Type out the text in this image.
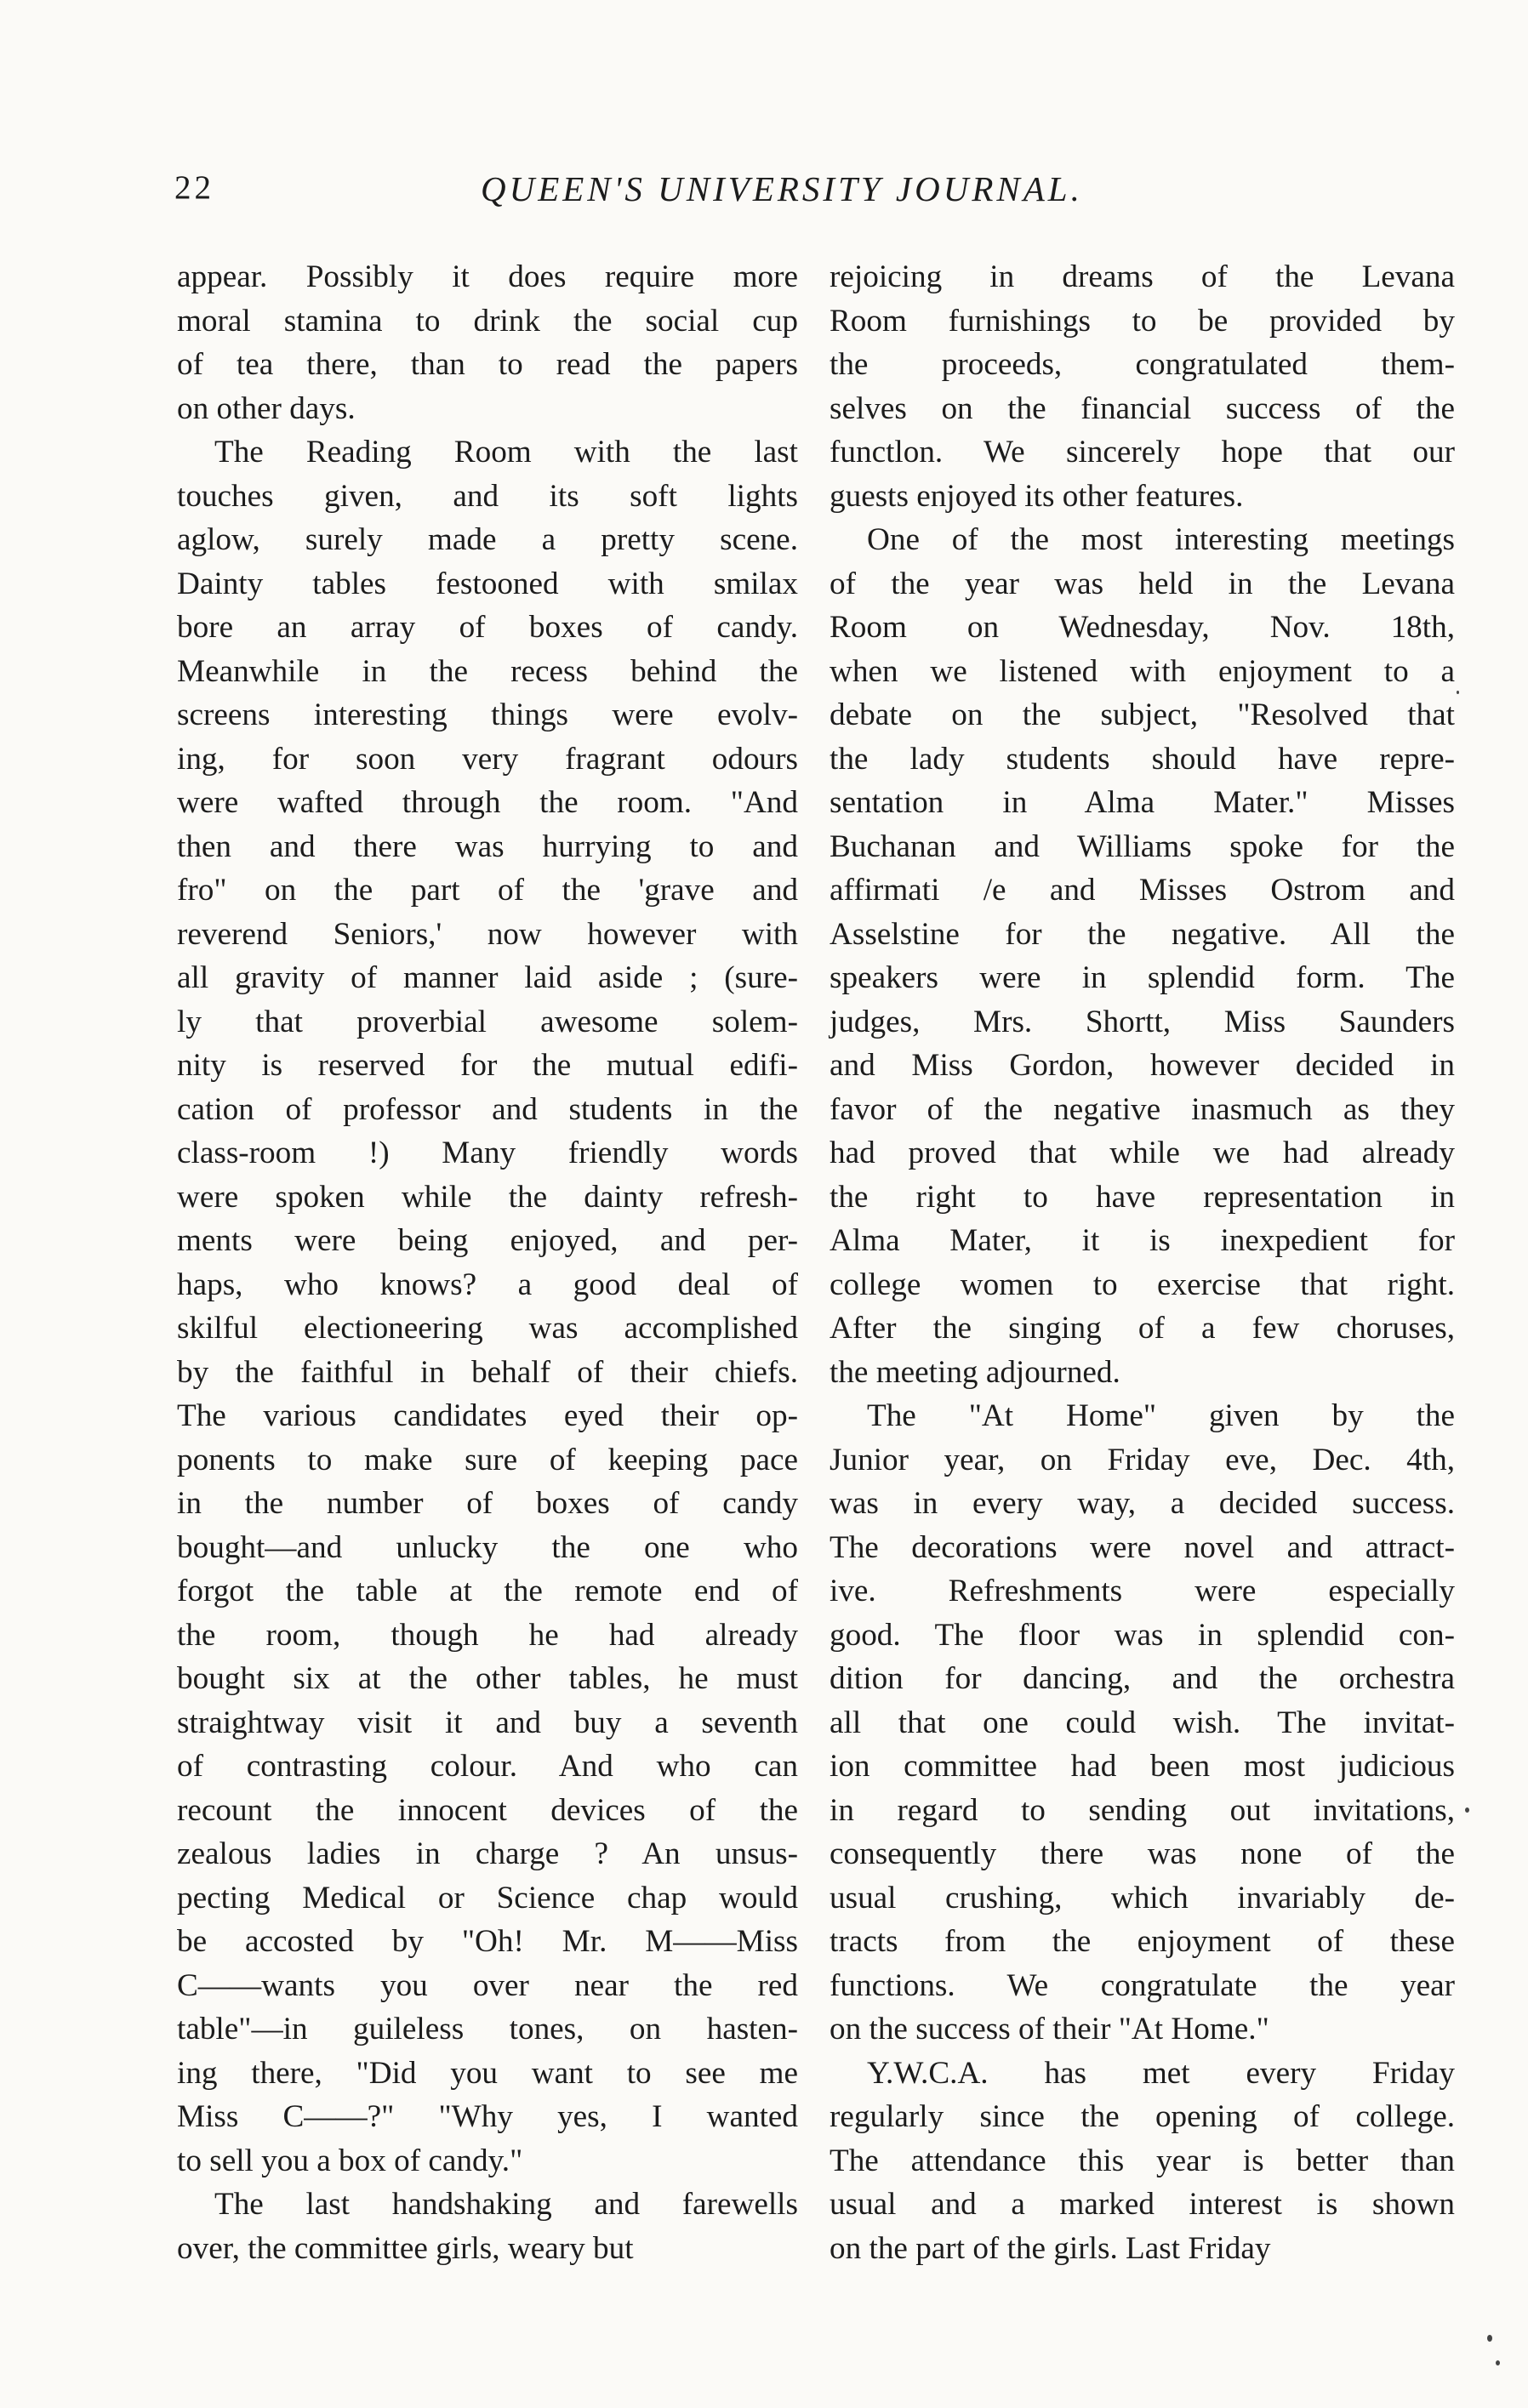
22	QUEEN'S UNIVERSITY JOURNAL.
appear. Possibly it does require more
moral stamina to drink the social cup
of tea there, than to read the papers
on other days.
The Reading Room with the last
touches given, and its soft lights
aglow, surely made a pretty scene.
Dainty tables festooned with smilax
bore an array of boxes of candy.
Meanwhile in the recess behind the
screens interesting things were evolv-
ing, for soon very fragrant odours
were wafted through the room. "And
then and there was hurrying to and
fro" on the part of the 'grave and
reverend Seniors,' now however with
all gravity of manner laid aside ; (sure-
ly that proverbial awesome solem-
nity is reserved for the mutual edifi-
cation of professor and students in the
class-room !) Many friendly words
were spoken while the dainty refresh-
ments were being enjoyed, and per-
haps, who knows? a good deal of
skilful electioneering was accomplished
by the faithful in behalf of their chiefs.
The various candidates eyed their op-
ponents to make sure of keeping pace
in the number of boxes of candy
bought—and unlucky the one who
forgot the table at the remote end of
the room, though he had already
bought six at the other tables, he must
straightway visit it and buy a seventh
of contrasting colour. And who can
recount the innocent devices of the
zealous ladies in charge ? An unsus-
pecting Medical or Science chap would
be accosted by "Oh! Mr. M——Miss
C——wants you over near the red
table"—in guileless tones, on hasten-
ing there, "Did you want to see me
Miss C——?" "Why yes, I wanted
to sell you a box of candy."
The last handshaking and farewells
over, the committee girls, weary but
rejoicing in dreams of the Levana
Room furnishings to be provided by
the proceeds, congratulated them-
selves on the financial success of the
functlon. We sincerely hope that our
guests enjoyed its other features.
One of the most interesting meetings
of the year was held in the Levana
Room on Wednesday, Nov. 18th,
when we listened with enjoyment to a
debate on the subject, "Resolved that
the lady students should have repre-
sentation in Alma Mater." Misses
Buchanan and Williams spoke for the
affirmati /e and Misses Ostrom and
Asselstine for the negative. All the
speakers were in splendid form. The
judges, Mrs. Shortt, Miss Saunders
and Miss Gordon, however decided in
favor of the negative inasmuch as they
had proved that while we had already
the right to have representation in
Alma Mater, it is inexpedient for
college women to exercise that right.
After the singing of a few choruses,
the meeting adjourned.
The "At Home" given by the
Junior year, on Friday eve, Dec. 4th,
was in every way, a decided success.
The decorations were novel and attract-
ive. Refreshments were especially
good. The floor was in splendid con-
dition for dancing, and the orchestra
all that one could wish. The invitat-
ion committee had been most judicious
in regard to sending out invitations,
consequently there was none of the
usual crushing, which invariably de-
tracts from the enjoyment of these
functions. We congratulate the year
on the success of their "At Home."
Y.W.C.A. has met every Friday
regularly since the opening of college.
The attendance this year is better than
usual and a marked interest is shown
on the part of the girls. Last Friday
